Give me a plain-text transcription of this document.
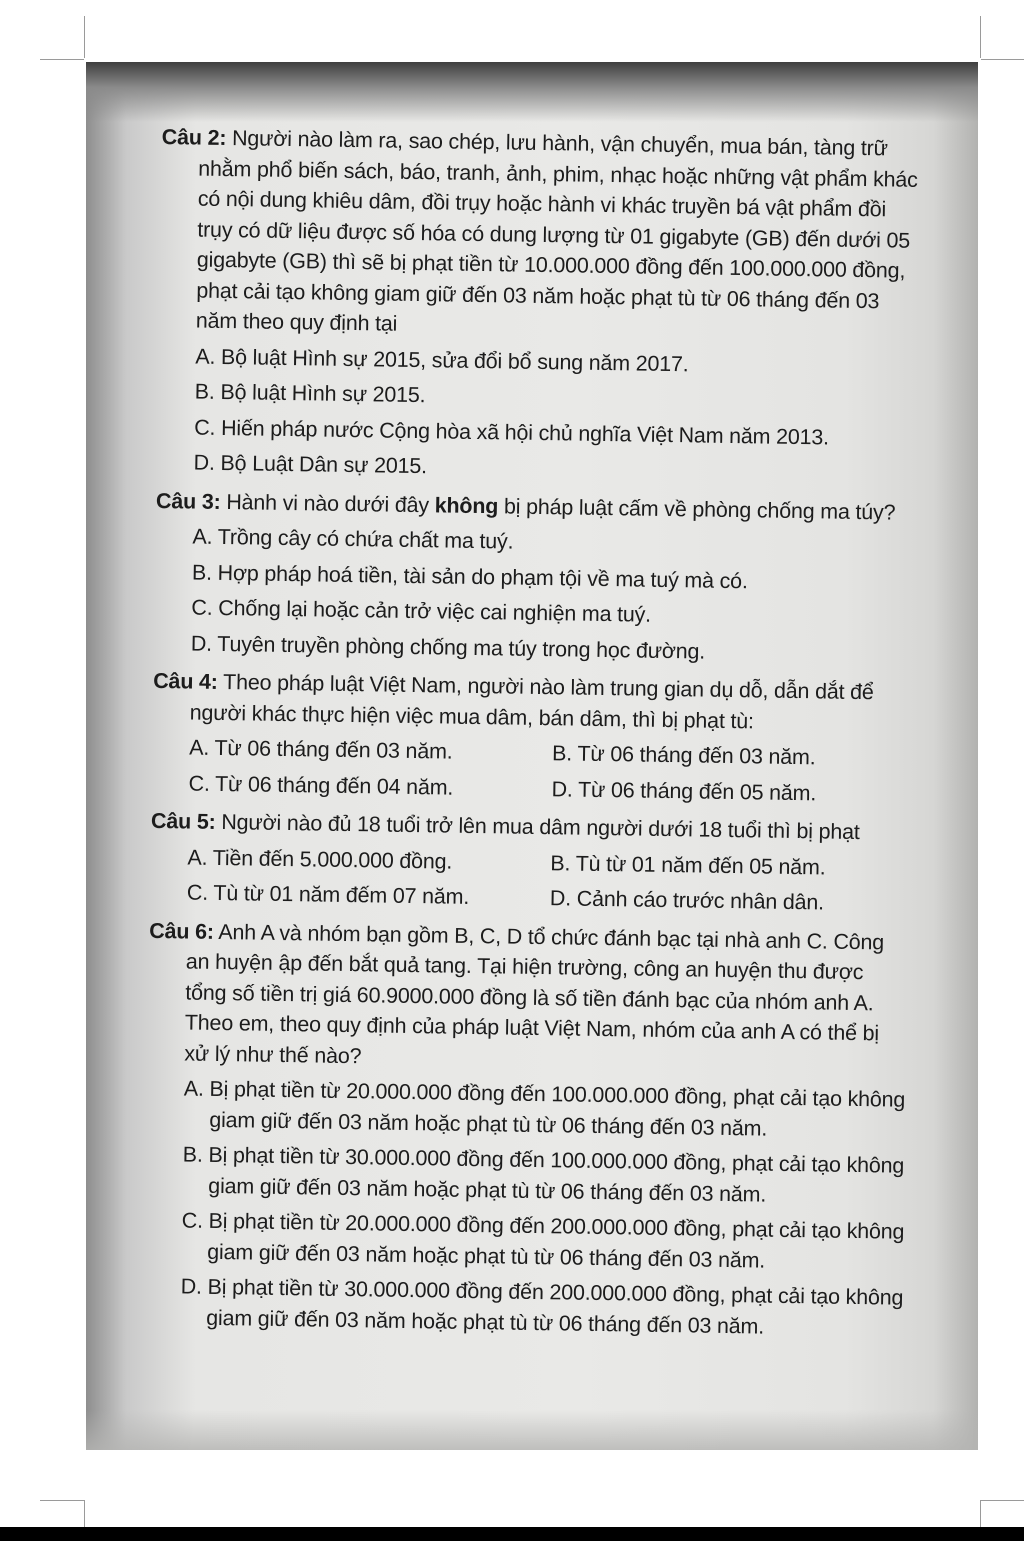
Câu 2: Người nào làm ra, sao chép, lưu hành, vận chuyển, mua bán, tàng trữ nhằm phổ biến sách, báo, tranh, ảnh, phim, nhạc hoặc những vật phẩm khác có nội dung khiêu dâm, đồi trụy hoặc hành vi khác truyền bá vật phẩm đồi trụy có dữ liệu được số hóa có dung lượng từ 01 gigabyte (GB) đến dưới 05 gigabyte (GB) thì sẽ bị phạt tiền từ 10.000.000 đồng đến 100.000.000 đồng, phạt cải tạo không giam giữ đến 03 năm hoặc phạt tù từ 06 tháng đến 03 năm theo quy định tại

A. Bộ luật Hình sự 2015, sửa đổi bổ sung năm 2017.
B. Bộ luật Hình sự 2015.
C. Hiến pháp nước Cộng hòa xã hội chủ nghĩa Việt Nam năm 2013.
D. Bộ Luật Dân sự 2015.

Câu 3: Hành vi nào dưới đây không bị pháp luật cấm về phòng chống ma túy?

A. Trồng cây có chứa chất ma tuý.
B. Hợp pháp hoá tiền, tài sản do phạm tội về ma tuý mà có.
C. Chống lại hoặc cản trở việc cai nghiện ma tuý.
D. Tuyên truyền phòng chống ma túy trong học đường.

Câu 4: Theo pháp luật Việt Nam, người nào làm trung gian dụ dỗ, dẫn dắt để người khác thực hiện việc mua dâm, bán dâm, thì bị phạt tù:

A. Từ 06 tháng đến 03 năm.	B. Từ 06 tháng đến 03 năm.
C. Từ 06 tháng đến 04 năm.	D. Từ 06 tháng đến 05 năm.

Câu 5: Người nào đủ 18 tuổi trở lên mua dâm người dưới 18 tuổi thì bị phạt

A. Tiền đến 5.000.000 đồng.	B. Tù từ 01 năm đến 05 năm.
C. Tù từ 01 năm đếm 07 năm.	D. Cảnh cáo trước nhân dân.

Câu 6: Anh A và nhóm bạn gồm B, C, D tổ chức đánh bạc tại nhà anh C. Công an huyện ập đến bắt quả tang. Tại hiện trường, công an huyện thu được tổng số tiền trị giá 60.9000.000 đồng là số tiền đánh bạc của nhóm anh A. Theo em, theo quy định của pháp luật Việt Nam, nhóm của anh A có thể bị xử lý như thế nào?

A. Bị phạt tiền từ 20.000.000 đồng đến 100.000.000 đồng, phạt cải tạo không giam giữ đến 03 năm hoặc phạt tù từ 06 tháng đến 03 năm.
B. Bị phạt tiền từ 30.000.000 đồng đến 100.000.000 đồng, phạt cải tạo không giam giữ đến 03 năm hoặc phạt tù từ 06 tháng đến 03 năm.
C. Bị phạt tiền từ 20.000.000 đồng đến 200.000.000 đồng, phạt cải tạo không giam giữ đến 03 năm hoặc phạt tù từ 06 tháng đến 03 năm.
D. Bị phạt tiền từ 30.000.000 đồng đến 200.000.000 đồng, phạt cải tạo không giam giữ đến 03 năm hoặc phạt tù từ 06 tháng đến 03 năm.
